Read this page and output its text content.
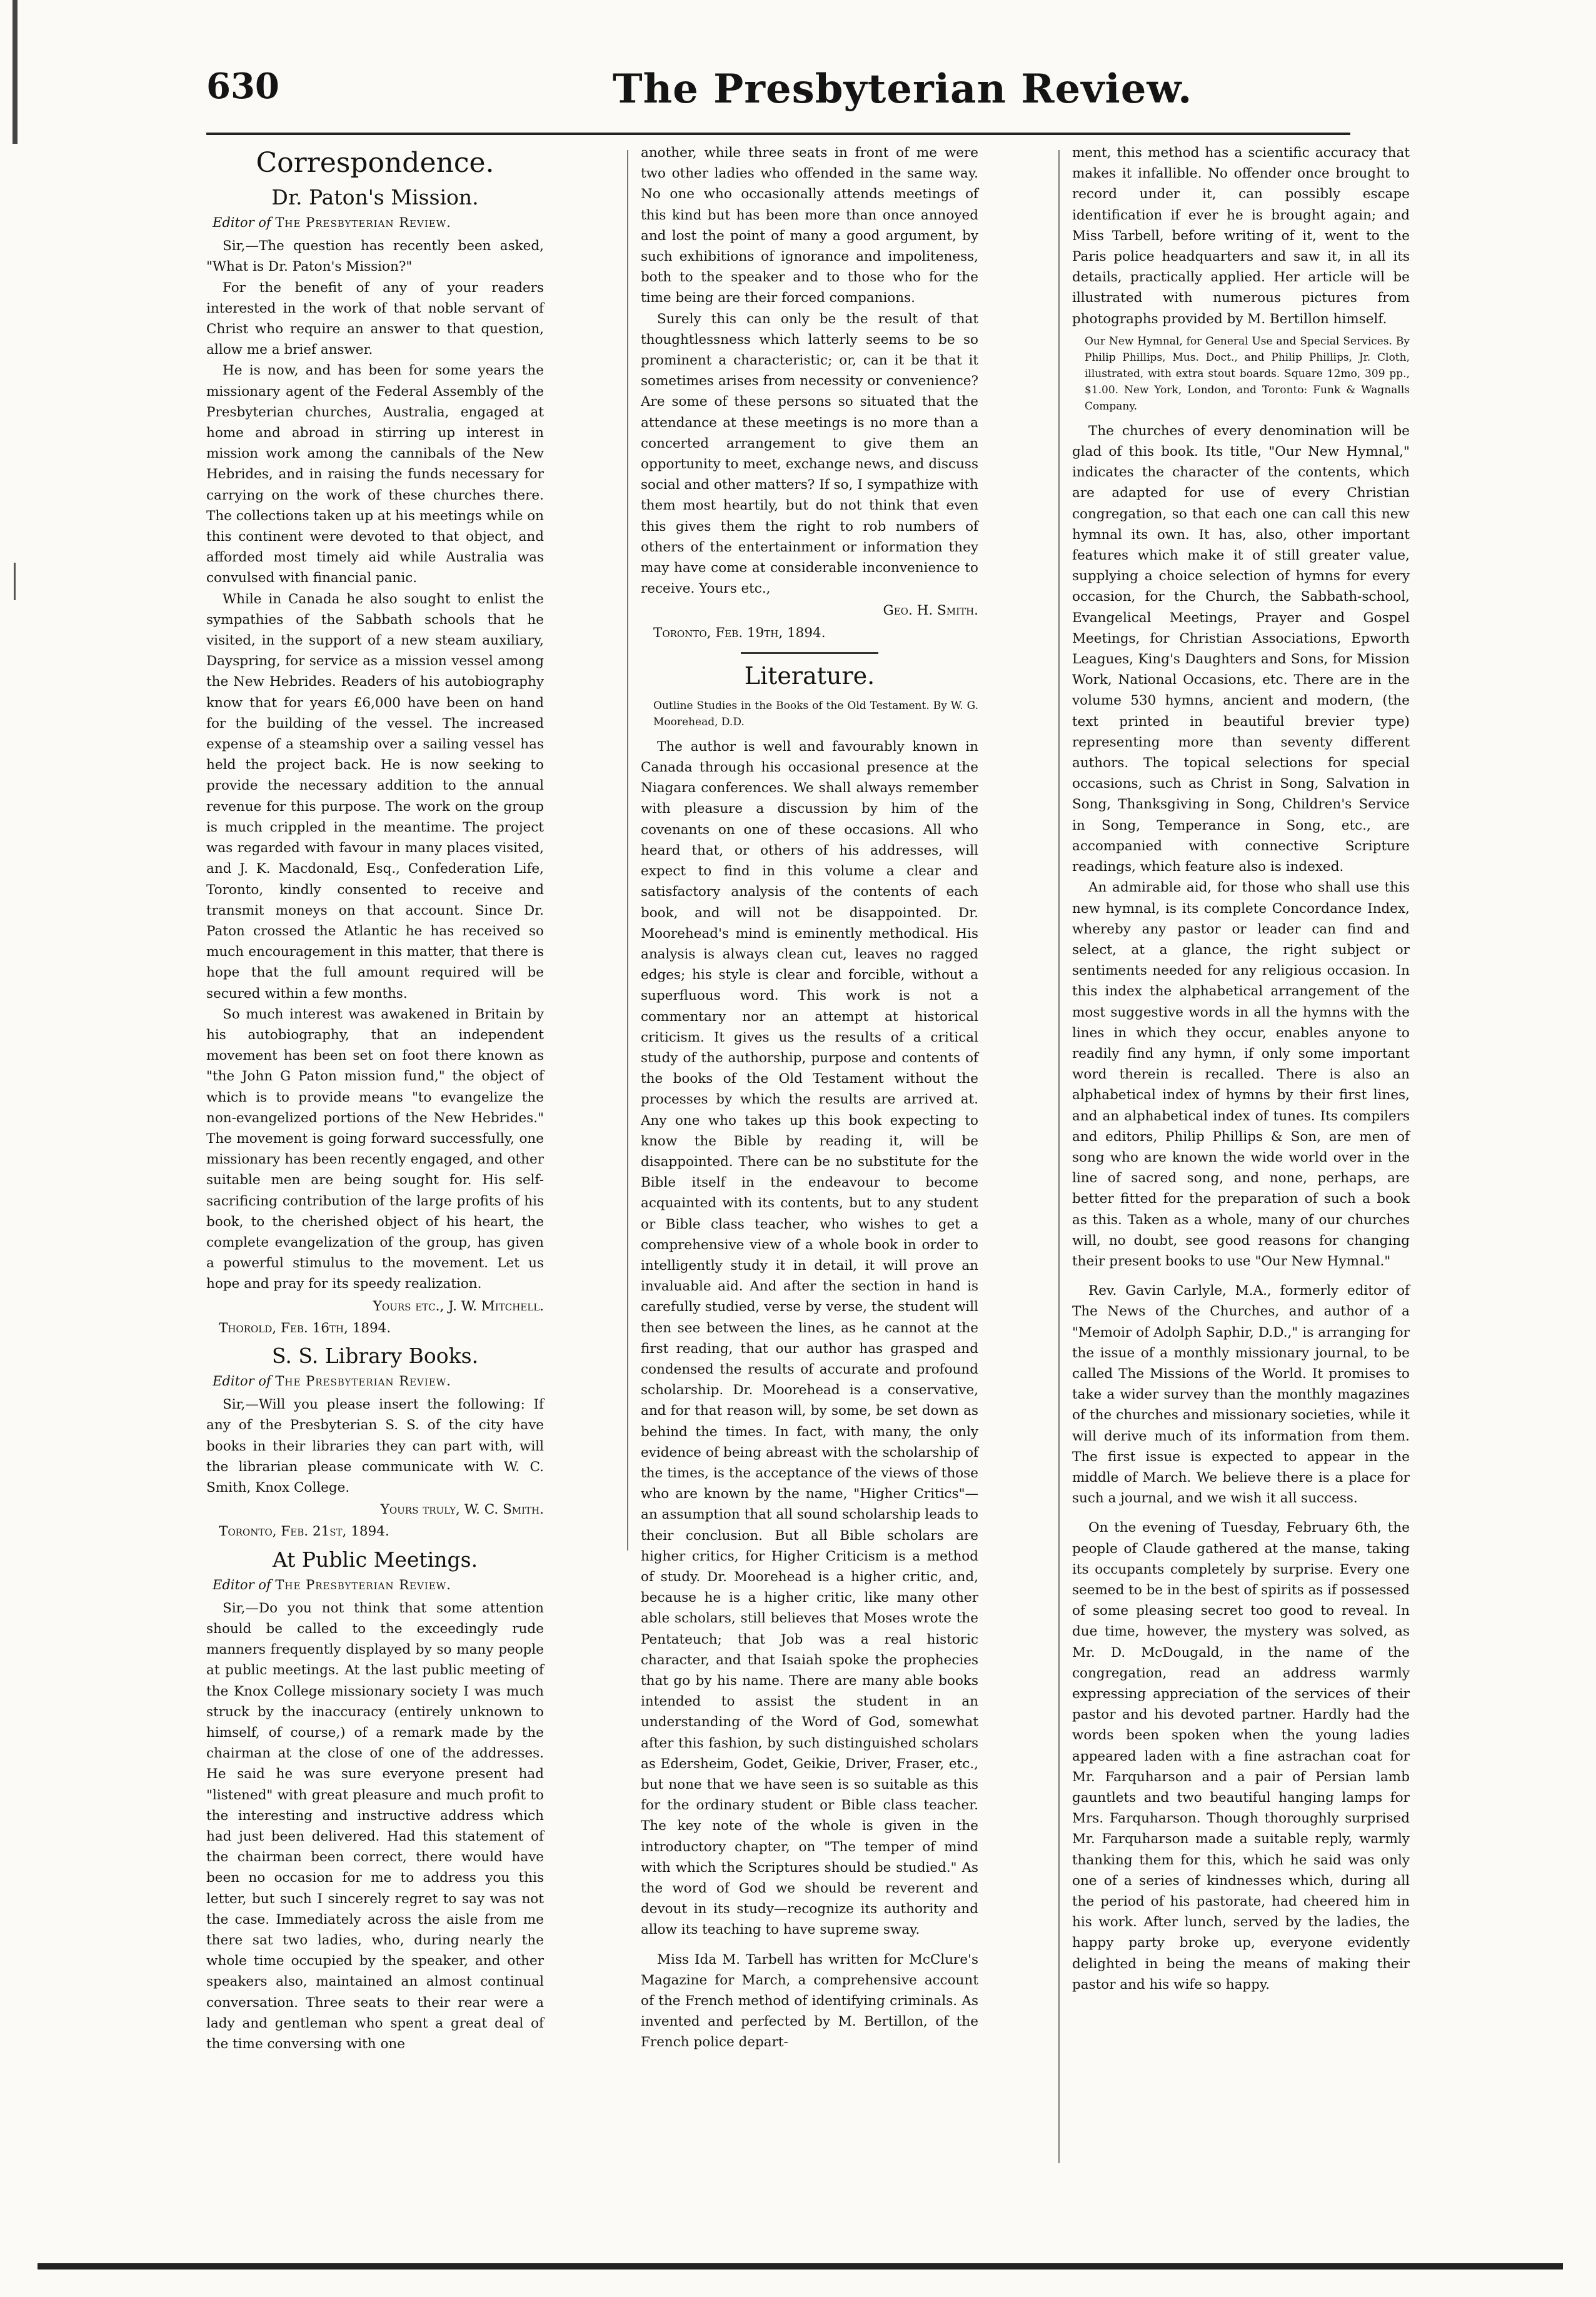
630	The Presbyterian Review.
Correspondence.
Dr. Paton's Mission.
Editor of The Presbyterian Review.

Sir,—The question has recently been asked, "What is Dr. Paton's Mission?"

For the benefit of any of your readers interested in the work of that noble servant of Christ who require an answer to that question, allow me a brief answer.

He is now, and has been for some years the missionary agent of the Federal Assembly of the Presbyterian churches, Australia, engaged at home and abroad in stirring up interest in mission work among the cannibals of the New Hebrides, and in raising the funds necessary for carrying on the work of these churches there. The collections taken up at his meetings while on this continent were devoted to that object, and afforded most timely aid while Australia was convulsed with financial panic.

While in Canada he also sought to enlist the sympathies of the Sabbath schools that he visited, in the support of a new steam auxiliary, Dayspring, for service as a mission vessel among the New Hebrides. Readers of his autobiography know that for years £6,000 have been on hand for the building of the vessel. The increased expense of a steamship over a sailing vessel has held the project back. He is now seeking to provide the necessary addition to the annual revenue for this purpose. The work on the group is much crippled in the meantime. The project was regarded with favour in many places visited, and J. K. Macdonald, Esq., Confederation Life, Toronto, kindly consented to receive and transmit moneys on that account. Since Dr. Paton crossed the Atlantic he has received so much encouragement in this matter, that there is hope that the full amount required will be secured within a few months.

So much interest was awakened in Britain by his autobiography, that an independent movement has been set on foot there known as "the John G Paton mission fund," the object of which is to provide means "to evangelize the non-evangelized portions of the New Hebrides." The movement is going forward successfully, one missionary has been recently engaged, and other suitable men are being sought for. His self-sacrificing contribution of the large profits of his book, to the cherished object of his heart, the complete evangelization of the group, has given a powerful stimulus to the movement. Let us hope and pray for its speedy realization.

Yours etc., J. W. Mitchell.
Thorold, Feb. 16th, 1894.
S. S. Library Books.
Editor of The Presbyterian Review.

Sir,—Will you please insert the following: If any of the Presbyterian S. S. of the city have books in their libraries they can part with, will the librarian please communicate with W. C. Smith, Knox College.

Yours truly, W. C. Smith.
Toronto, Feb. 21st, 1894.
At Public Meetings.
Editor of The Presbyterian Review.

Sir,—Do you not think that some attention should be called to the exceedingly rude manners frequently displayed by so many people at public meetings. At the last public meeting of the Knox College missionary society I was much struck by the inaccuracy (entirely unknown to himself, of course,) of a remark made by the chairman at the close of one of the addresses. He said he was sure everyone present had "listened" with great pleasure and much profit to the interesting and instructive address which had just been delivered. Had this statement of the chairman been correct, there would have been no occasion for me to address you this letter, but such I sincerely regret to say was not the case. Immediately across the aisle from me there sat two ladies, who, during nearly the whole time occupied by the speaker, and other speakers also, maintained an almost continual conversation. Three seats to their rear were a lady and gentleman who spent a great deal of the time conversing with one

another, while three seats in front of me were two other ladies who offended in the same way. No one who occasionally attends meetings of this kind but has been more than once annoyed and lost the point of many a good argument, by such exhibitions of ignorance and impoliteness, both to the speaker and to those who for the time being are their forced companions.

Surely this can only be the result of that thoughtlessness which latterly seems to be so prominent a characteristic; or, can it be that it sometimes arises from necessity or convenience? Are some of these persons so situated that the attendance at these meetings is no more than a concerted arrangement to give them an opportunity to meet, exchange news, and discuss social and other matters? If so, I sympathize with them most heartily, but do not think that even this gives them the right to rob numbers of others of the entertainment or information they may have come at considerable inconvenience to receive. Yours etc.,

Geo. H. Smith.
Toronto, Feb. 19th, 1894.
Literature.

Outline Studies in the Books of the Old Testament. By W. G. Moorehead, D.D.

The author is well and favourably known in Canada through his occasional presence at the Niagara conferences. We shall always remember with pleasure a discussion by him of the covenants on one of these occasions. All who heard that, or others of his addresses, will expect to find in this volume a clear and satisfactory analysis of the contents of each book, and will not be disappointed. Dr. Moorehead's mind is eminently methodical. His analysis is always clean cut, leaves no ragged edges; his style is clear and forcible, without a superfluous word. This work is not a commentary nor an attempt at historical criticism. It gives us the results of a critical study of the authorship, purpose and contents of the books of the Old Testament without the processes by which the results are arrived at. Any one who takes up this book expecting to know the Bible by reading it, will be disappointed. There can be no substitute for the Bible itself in the endeavour to become acquainted with its contents, but to any student or Bible class teacher, who wishes to get a comprehensive view of a whole book in order to intelligently study it in detail, it will prove an invaluable aid. And after the section in hand is carefully studied, verse by verse, the student will then see between the lines, as he cannot at the first reading, that our author has grasped and condensed the results of accurate and profound scholarship. Dr. Moorehead is a conservative, and for that reason will, by some, be set down as behind the times. In fact, with many, the only evidence of being abreast with the scholarship of the times, is the acceptance of the views of those who are known by the name, "Higher Critics"—an assumption that all sound scholarship leads to their conclusion. But all Bible scholars are higher critics, for Higher Criticism is a method of study. Dr. Moorehead is a higher critic, and, because he is a higher critic, like many other able scholars, still believes that Moses wrote the Pentateuch; that Job was a real historic character, and that Isaiah spoke the prophecies that go by his name. There are many able books intended to assist the student in an understanding of the Word of God, somewhat after this fashion, by such distinguished scholars as Edersheim, Godet, Geikie, Driver, Fraser, etc., but none that we have seen is so suitable as this for the ordinary student or Bible class teacher. The key note of the whole is given in the introductory chapter, on "The temper of mind with which the Scriptures should be studied." As the word of God we should be reverent and devout in its study—recognize its authority and allow its teaching to have supreme sway.

Miss Ida M. Tarbell has written for McClure's Magazine for March, a comprehensive account of the French method of identifying criminals. As invented and perfected by M. Bertillon, of the French police depart-

ment, this method has a scientific accuracy that makes it infallible. No offender once brought to record under it, can possibly escape identification if ever he is brought again; and Miss Tarbell, before writing of it, went to the Paris police headquarters and saw it, in all its details, practically applied. Her article will be illustrated with numerous pictures from photographs provided by M. Bertillon himself.

Our New Hymnal, for General Use and Special Services. By Philip Phillips, Mus. Doct., and Philip Phillips, Jr. Cloth, illustrated, with extra stout boards. Square 12mo, 309 pp., $1.00. New York, London, and Toronto: Funk & Wagnalls Company.

The churches of every denomination will be glad of this book. Its title, "Our New Hymnal," indicates the character of the contents, which are adapted for use of every Christian congregation, so that each one can call this new hymnal its own. It has, also, other important features which make it of still greater value, supplying a choice selection of hymns for every occasion, for the Church, the Sabbath-school, Evangelical Meetings, Prayer and Gospel Meetings, for Christian Associations, Epworth Leagues, King's Daughters and Sons, for Mission Work, National Occasions, etc. There are in the volume 530 hymns, ancient and modern, (the text printed in beautiful brevier type) representing more than seventy different authors. The topical selections for special occasions, such as Christ in Song, Salvation in Song, Thanksgiving in Song, Children's Service in Song, Temperance in Song, etc., are accompanied with connective Scripture readings, which feature also is indexed.

An admirable aid, for those who shall use this new hymnal, is its complete Concordance Index, whereby any pastor or leader can find and select, at a glance, the right subject or sentiments needed for any religious occasion. In this index the alphabetical arrangement of the most suggestive words in all the hymns with the lines in which they occur, enables anyone to readily find any hymn, if only some important word therein is recalled. There is also an alphabetical index of hymns by their first lines, and an alphabetical index of tunes. Its compilers and editors, Philip Phillips & Son, are men of song who are known the wide world over in the line of sacred song, and none, perhaps, are better fitted for the preparation of such a book as this. Taken as a whole, many of our churches will, no doubt, see good reasons for changing their present books to use "Our New Hymnal."

Rev. Gavin Carlyle, M.A., formerly editor of The News of the Churches, and author of a "Memoir of Adolph Saphir, D.D.," is arranging for the issue of a monthly missionary journal, to be called The Missions of the World. It promises to take a wider survey than the monthly magazines of the churches and missionary societies, while it will derive much of its information from them. The first issue is expected to appear in the middle of March. We believe there is a place for such a journal, and we wish it all success.

On the evening of Tuesday, February 6th, the people of Claude gathered at the manse, taking its occupants completely by surprise. Every one seemed to be in the best of spirits as if possessed of some pleasing secret too good to reveal. In due time, however, the mystery was solved, as Mr. D. McDougald, in the name of the congregation, read an address warmly expressing appreciation of the services of their pastor and his devoted partner. Hardly had the words been spoken when the young ladies appeared laden with a fine astrachan coat for Mr. Farquharson and a pair of Persian lamb gauntlets and two beautiful hanging lamps for Mrs. Farquharson. Though thoroughly surprised Mr. Farquharson made a suitable reply, warmly thanking them for this, which he said was only one of a series of kindnesses which, during all the period of his pastorate, had cheered him in his work. After lunch, served by the ladies, the happy party broke up, everyone evidently delighted in being the means of making their pastor and his wife so happy.
